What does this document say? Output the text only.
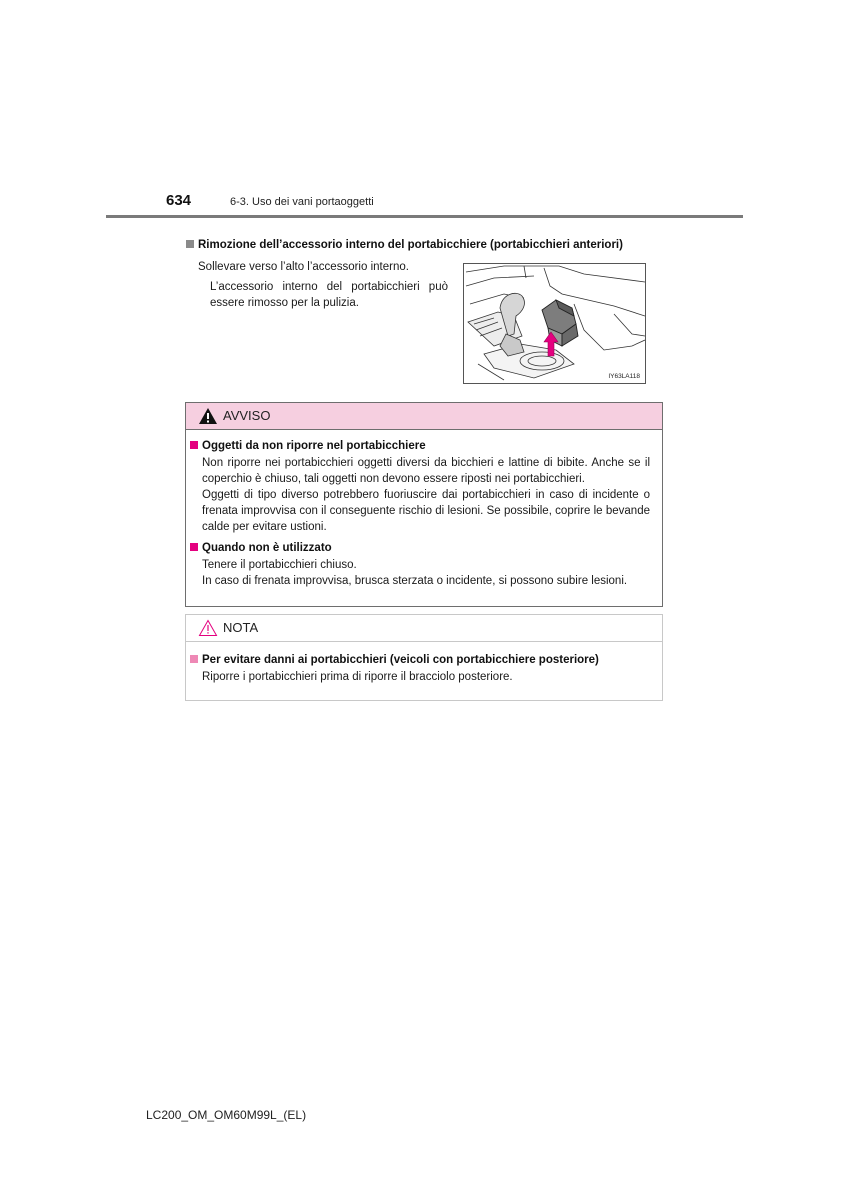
634	6-3. Uso dei vani portaoggetti
Rimozione dell’accessorio interno del portabicchiere (portabicchieri anteriori)
Sollevare verso l’alto l’accessorio interno.
L’accessorio interno del portabicchieri può essere rimosso per la pulizia.
IY63LA118
AVVISO
Oggetti da non riporre nel portabicchiere
Non riporre nei portabicchieri oggetti diversi da bicchieri e lattine di bibite. Anche se il coperchio è chiuso, tali oggetti non devono essere riposti nei portabicchieri.
Oggetti di tipo diverso potrebbero fuoriuscire dai portabicchieri in caso di incidente o frenata improvvisa con il conseguente rischio di lesioni. Se possibile, coprire le bevande calde per evitare ustioni.
Quando non è utilizzato
Tenere il portabicchieri chiuso.
In caso di frenata improvvisa, brusca sterzata o incidente, si possono subire lesioni.
NOTA
Per evitare danni ai portabicchieri (veicoli con portabicchiere posteriore)
Riporre i portabicchieri prima di riporre il bracciolo posteriore.
LC200_OM_OM60M99L_(EL)
